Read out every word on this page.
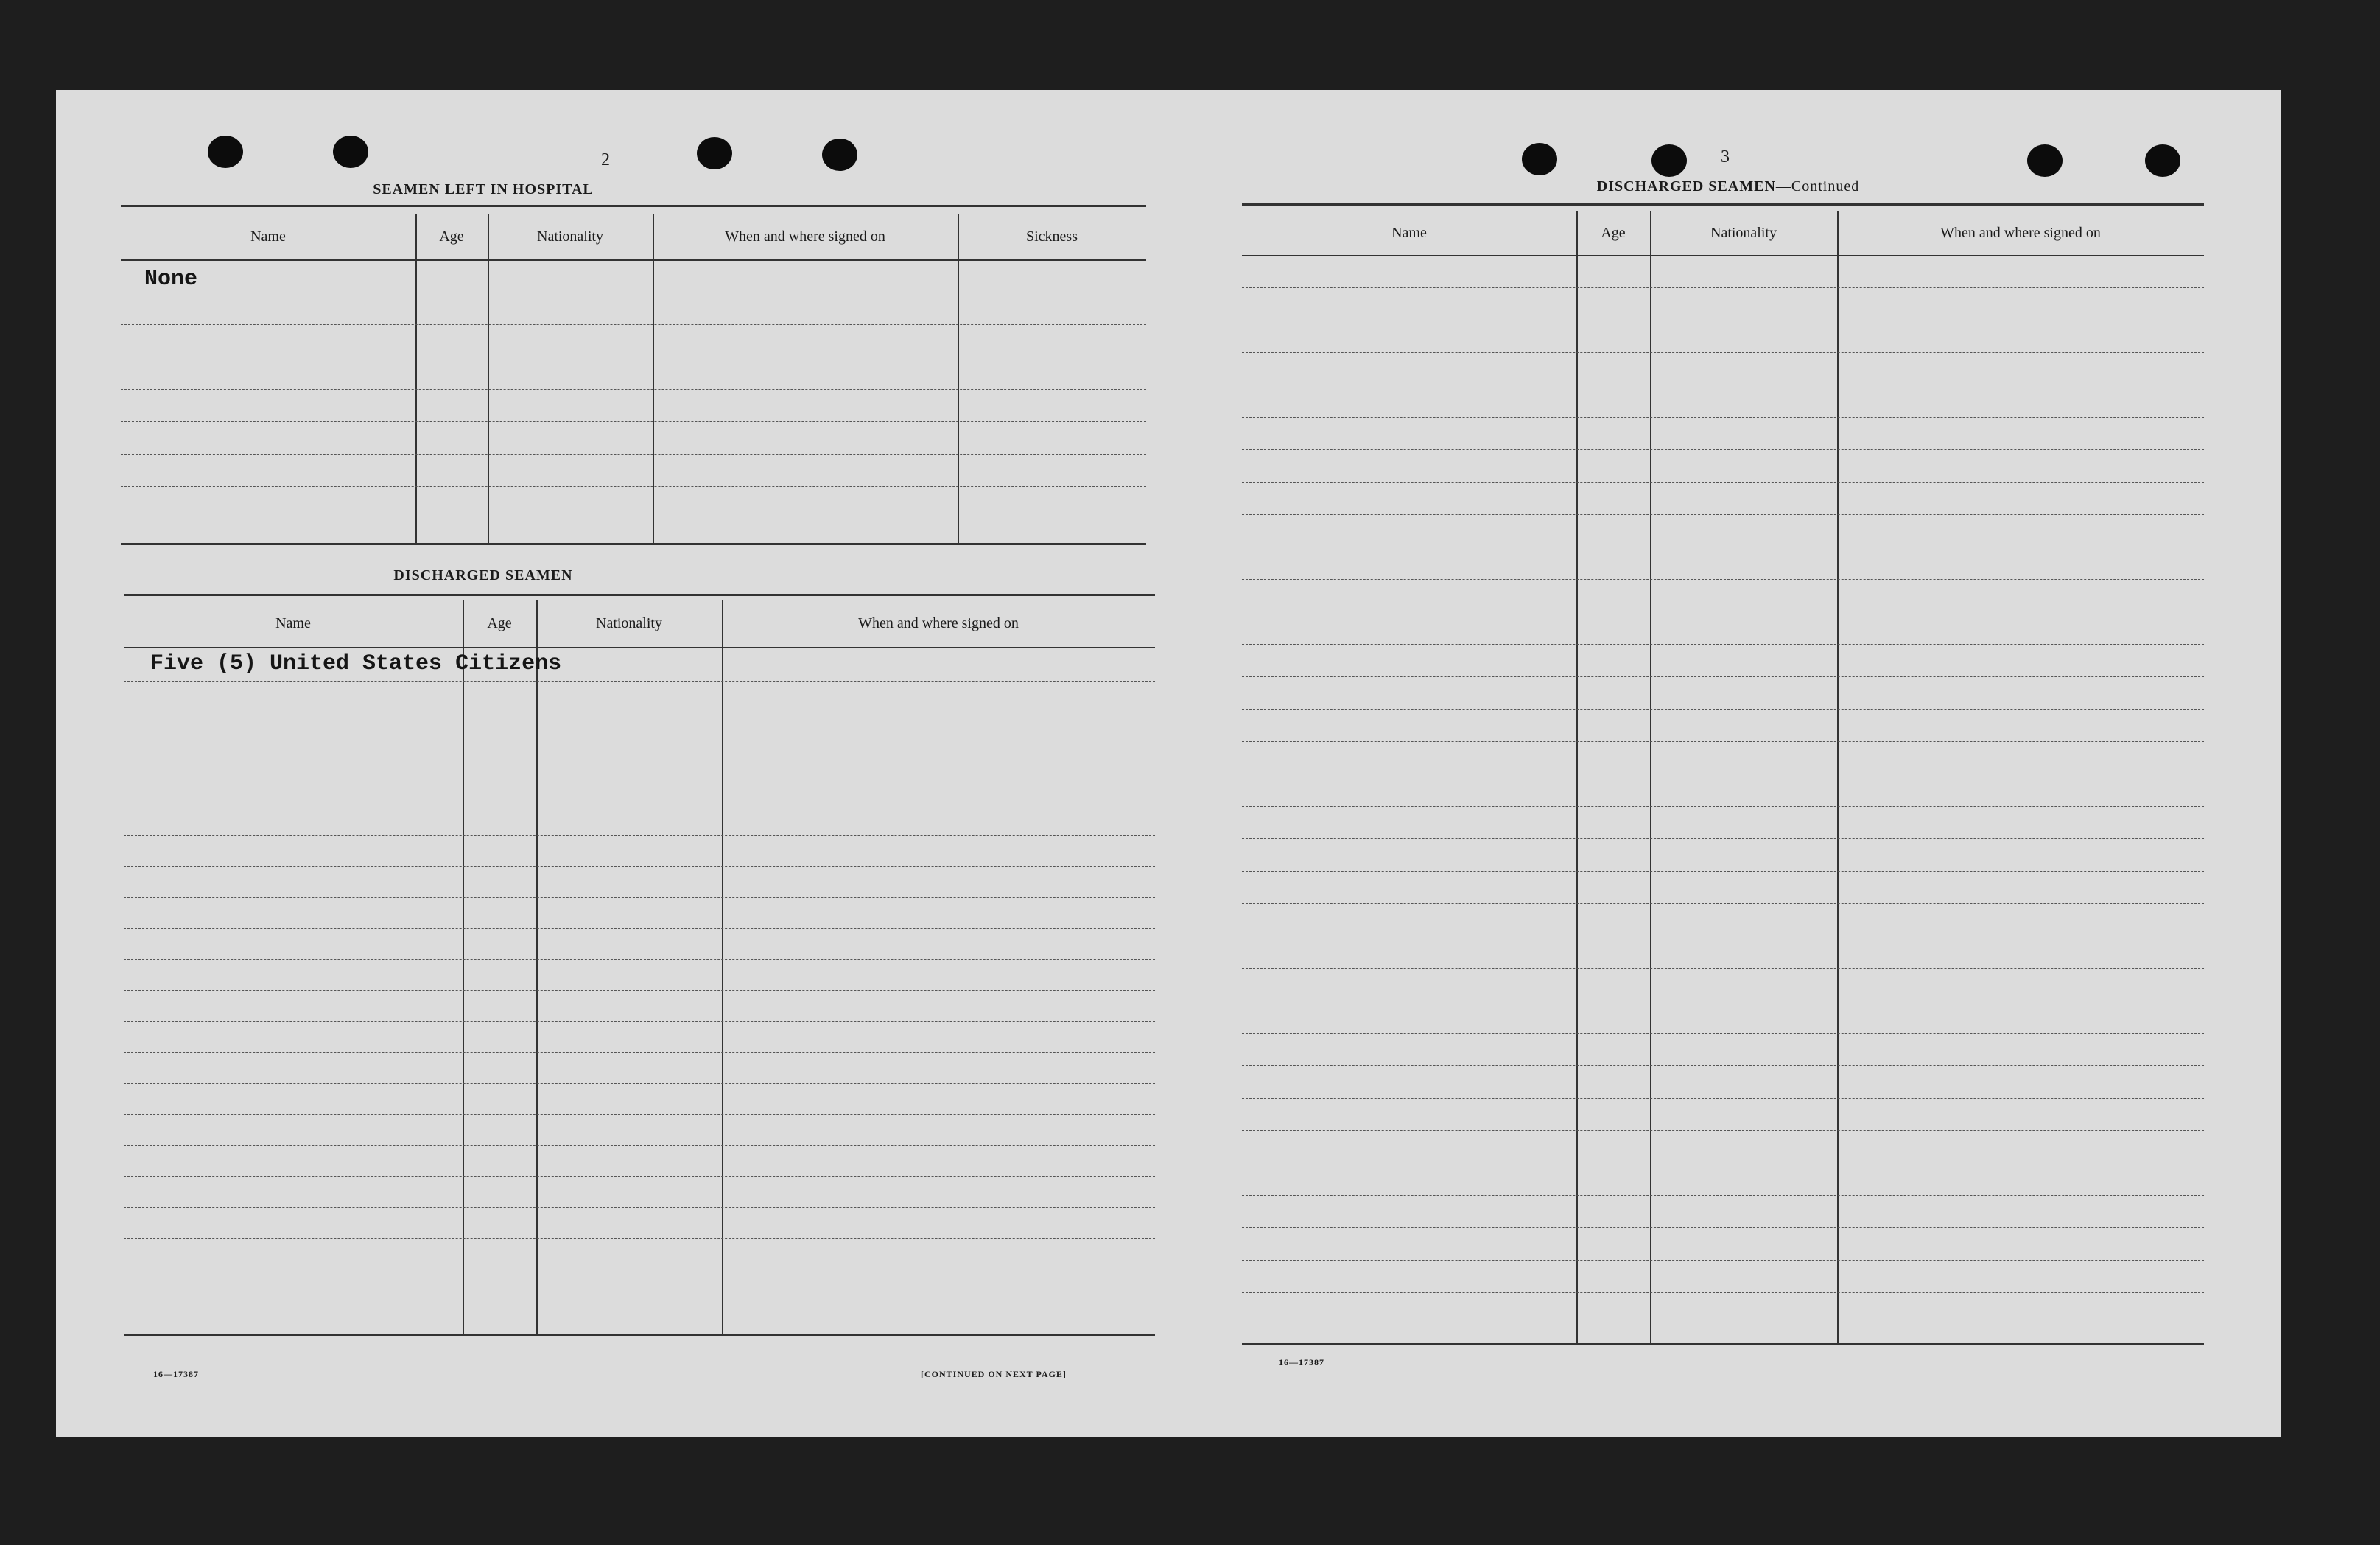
2
SEAMEN LEFT IN HOSPITAL
Name	Age	Nationality	When and where signed on	Sickness
None
DISCHARGED SEAMEN
Name	Age	Nationality	When and where signed on
Five (5) United States Citizens
16—17387	[CONTINUED ON NEXT PAGE]
3
DISCHARGED SEAMEN—Continued
Name	Age	Nationality	When and where signed on
16—17387
